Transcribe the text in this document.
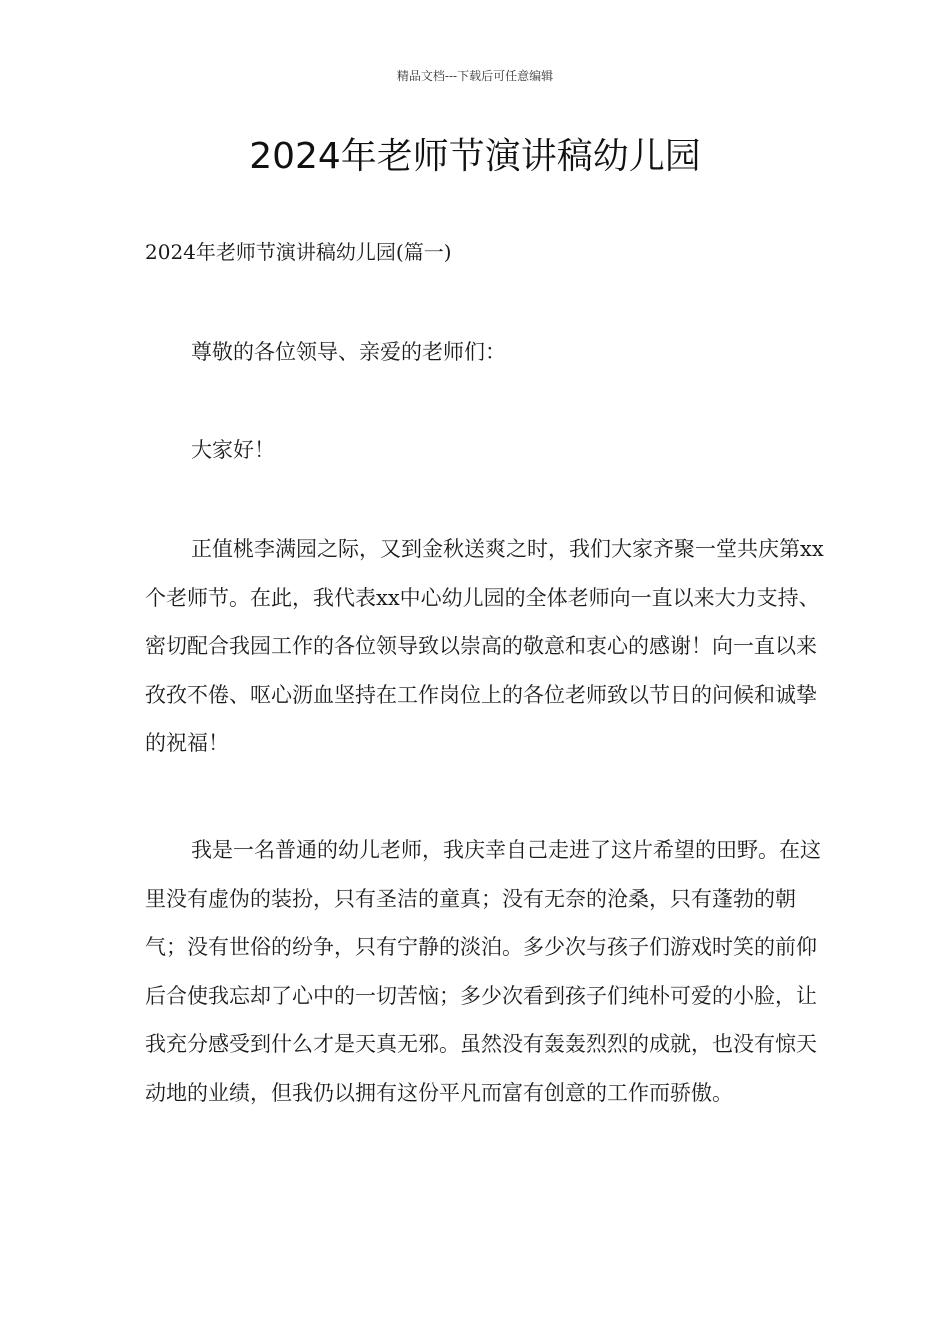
精品文档---下载后可任意编辑
2024年老师节演讲稿幼儿园

2024年老师节演讲稿幼儿园(篇一)

尊敬的各位领导、亲爱的老师们：

大家好！

正值桃李满园之际，又到金秋送爽之时，我们大家齐聚一堂共庆第xx个老师节。在此，我代表xx中心幼儿园的全体老师向一直以来大力支持、密切配合我园工作的各位领导致以崇高的敬意和衷心的感谢！向一直以来孜孜不倦、呕心沥血坚持在工作岗位上的各位老师致以节日的问候和诚挚的祝福！

我是一名普通的幼儿老师，我庆幸自己走进了这片希望的田野。在这里没有虚伪的装扮，只有圣洁的童真；没有无奈的沧桑，只有蓬勃的朝气；没有世俗的纷争，只有宁静的淡泊。多少次与孩子们游戏时笑的前仰后合使我忘却了心中的一切苦恼；多少次看到孩子们纯朴可爱的小脸，让我充分感受到什么才是天真无邪。虽然没有轰轰烈烈的成就，也没有惊天动地的业绩，但我仍以拥有这份平凡而富有创意的工作而骄傲。
